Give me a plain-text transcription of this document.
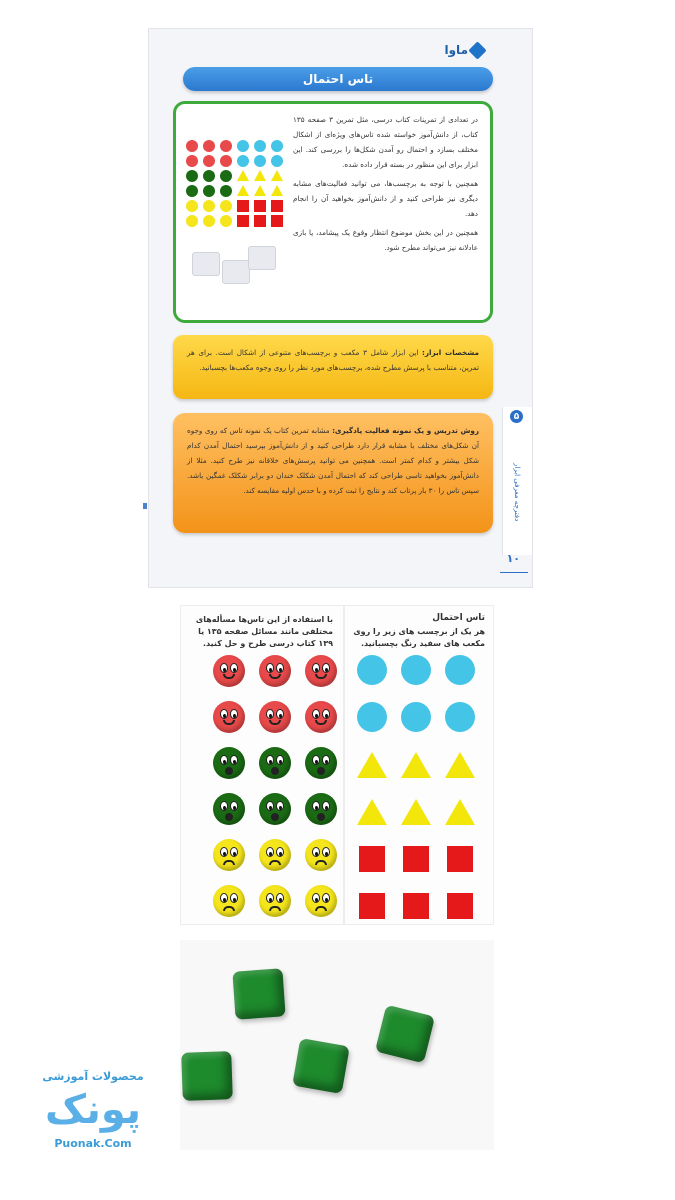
ماوا
تاس احتمال

در تعدادی از تمرینات کتاب درسی، مثل تمرین ۳ صفحه ۱۳۵ کتاب، از دانش‌آموز خواسته شده تاس‌های ویژه‌ای از اشکال مختلف بسازد و احتمال رو آمدن شکل‌ها را بررسی کند. این ابزار برای این منظور در بسته قرار داده شده.

همچنین با توجه به برچسب‌ها، می توانید فعالیت‌های مشابه دیگری نیز طراحی کنید و از دانش‌آموز بخواهید آن را انجام دهد.

همچنین در این بخش موضوع انتظار وقوع یک پیشامد، یا بازی عادلانه نیز می‌تواند مطرح شود.

مشخصات ابزار: این ابزار شامل ۳ مکعب و برچسب‌های متنوعی از اشکال است. برای هر تمرین، متناسب با پرسش مطرح شده، برچسب‌های مورد نظر را روی وجوه مکعب‌ها بچسبانید.
روش تدریس و یک نمونه فعالیت یادگیری: مشابه تمرین کتاب یک نمونه تاس که روی وجوه آن شکل‌های مختلف با مشابه قرار دارد طراحی کنید و از دانش‌آموز بپرسید احتمال آمدن کدام شکل بیشتر و کدام کمتر است. همچنین می توانید پرسش‌های خلاقانه نیز طرح کنید. مثلا از دانش‌آموز بخواهید تاسی طراحی کند که احتمال آمدن شکلک خندان دو برابر شکلک غمگین باشد. سپس تاس را ۳۰ بار پرتاب کند و نتایج را ثبت کرده و با حدس اولیه مقایسه کند.
۵
دفترچه معرفی ابزار
۱۰
با استفاده از این تاس‌ها مسأله‌های مختلفی مانند مسائل صفحه ۱۳۵ یا ۱۳۹ کتاب درسی طرح و حل کنید.
تاس احتمال
هر یک از برچسب های زیر را روی مکعب های سفید رنگ بچسبانید.
محصولات آموزشی
پونک
Puonak.Com
